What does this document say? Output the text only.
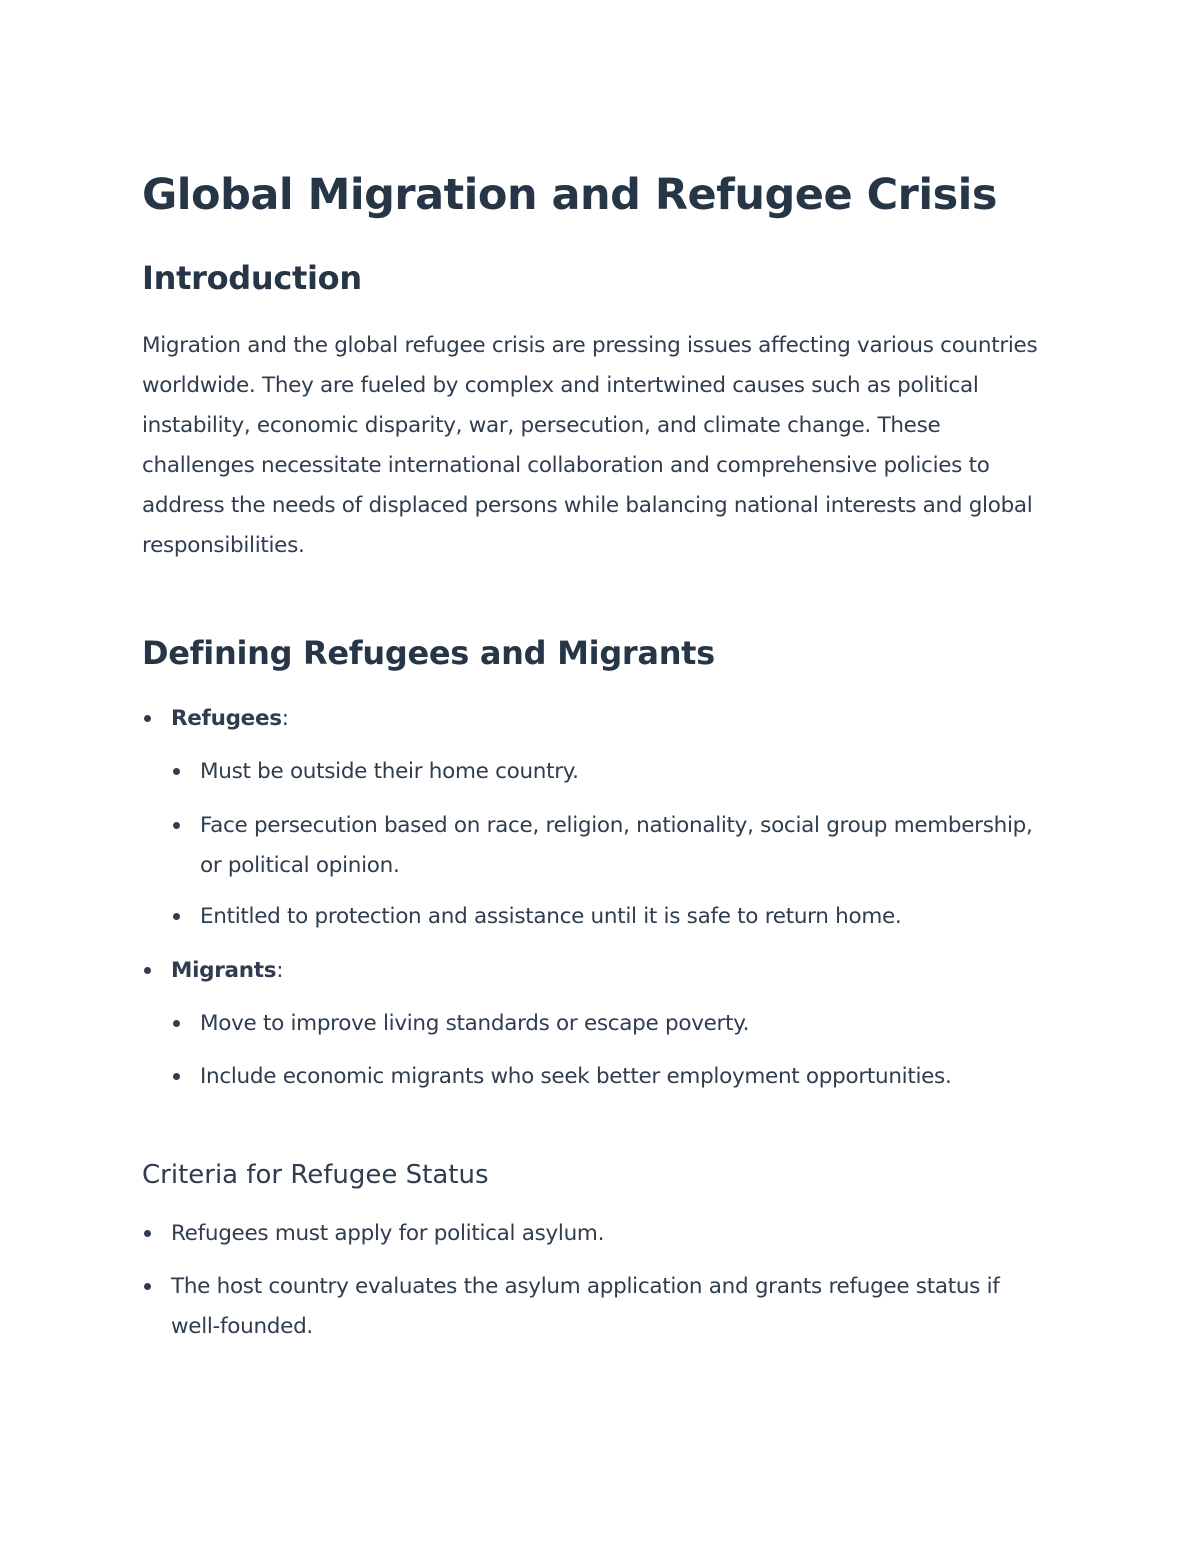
Global Migration and Refugee Crisis
Introduction

Migration and the global refugee crisis are pressing issues affecting various countries worldwide. They are fueled by complex and intertwined causes such as political instability, economic disparity, war, persecution, and climate change. These challenges necessitate international collaboration and comprehensive policies to address the needs of displaced persons while balancing national interests and global responsibilities.

Defining Refugees and Migrants
Refugees:
Must be outside their home country.
Face persecution based on race, religion, nationality, social group membership, or political opinion.
Entitled to protection and assistance until it is safe to return home.
Migrants:
Move to improve living standards or escape poverty.
Include economic migrants who seek better employment opportunities.
Criteria for Refugee Status
Refugees must apply for political asylum.
The host country evaluates the asylum application and grants refugee status if well-founded.
